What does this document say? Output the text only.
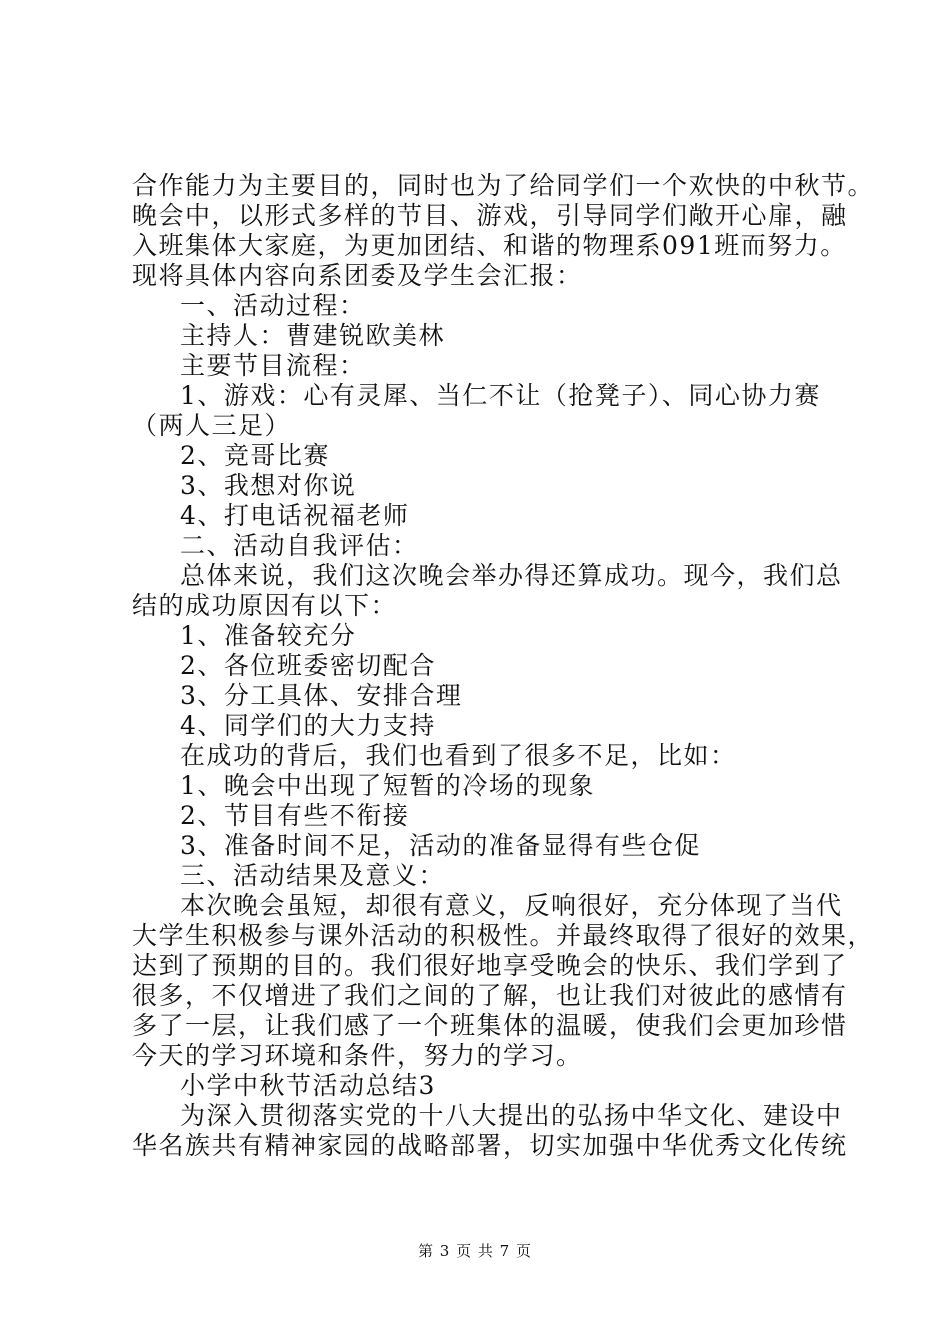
合作能力为主要目的，同时也为了给同学们一个欢快的中秋节。
晚会中，以形式多样的节目、游戏，引导同学们敞开心扉，融
入班集体大家庭，为更加团结、和谐的物理系091班而努力。
现将具体内容向系团委及学生会汇报：
一、活动过程：
主持人：曹建锐欧美林
主要节目流程：
1、游戏：心有灵犀、当仁不让（抢凳子）、同心协力赛
（两人三足）
2、竞哥比赛
3、我想对你说
4、打电话祝福老师
二、活动自我评估：
总体来说，我们这次晚会举办得还算成功。现今，我们总
结的成功原因有以下：
1、准备较充分
2、各位班委密切配合
3、分工具体、安排合理
4、同学们的大力支持
在成功的背后，我们也看到了很多不足，比如：
1、晚会中出现了短暂的冷场的现象
2、节目有些不衔接
3、准备时间不足，活动的准备显得有些仓促
三、活动结果及意义：
本次晚会虽短，却很有意义，反响很好，充分体现了当代
大学生积极参与课外活动的积极性。并最终取得了很好的效果，
达到了预期的目的。我们很好地享受晚会的快乐、我们学到了
很多，不仅增进了我们之间的了解，也让我们对彼此的感情有
多了一层，让我们感了一个班集体的温暖，使我们会更加珍惜
今天的学习环境和条件，努力的学习。
小学中秋节活动总结3
为深入贯彻落实党的十八大提出的弘扬中华文化、建设中
华名族共有精神家园的战略部署，切实加强中华优秀文化传统
第 3 页 共 7 页
